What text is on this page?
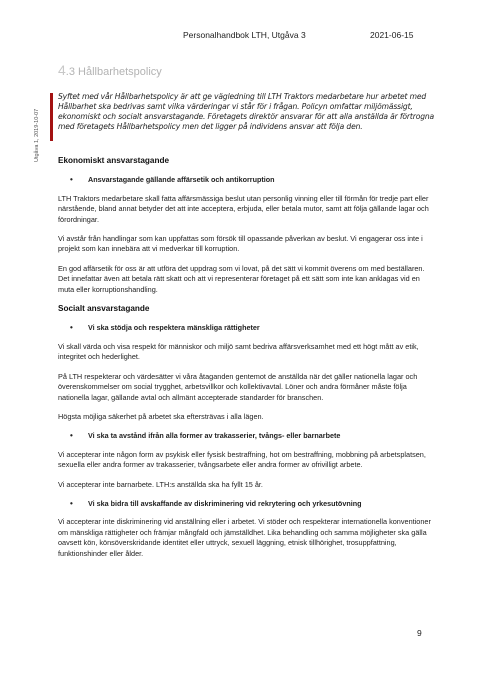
Personalhandbok LTH, Utgåva 3	2021-06-15
4.3 Hållbarhetspolicy
Utgåva 1, 2019-10-07
Syftet med vår Hållbarhetspolicy är att ge vägledning till LTH Traktors medarbetare hur arbetet med Hållbarhet ska bedrivas samt vilka värderingar vi står för i frågan. Policyn omfattar miljömässigt, ekonomiskt och socialt ansvarstagande. Företagets direktör ansvarar för att alla anställda är förtrogna med företagets Hållbarhetspolicy men det ligger på individens ansvar att följa den.
Ekonomiskt ansvarstagande
• Ansvarstagande gällande affärsetik och antikorruption

LTH Traktors medarbetare skall fatta affärsmässiga beslut utan personlig vinning eller till förmån för tredje part eller närstående, bland annat betyder det att inte acceptera, erbjuda, eller betala mutor, samt att följa gällande lagar och förordningar.

Vi avstår från handlingar som kan uppfattas som försök till opassande påverkan av beslut. Vi engagerar oss inte i projekt som kan innebära att vi medverkar till korruption.

En god affärsetik för oss är att utföra det uppdrag som vi lovat, på det sätt vi kommit överens om med beställaren. Det innefattar även att betala rätt skatt och att vi representerar företaget på ett sätt som inte kan anklagas vid en muta eller korruptionshandling.

Socialt ansvarstagande
• Vi ska stödja och respektera mänskliga rättigheter

Vi skall värda och visa respekt för människor och miljö samt bedriva affärsverksamhet med ett högt mått av etik, integritet och hederlighet.

På LTH respekterar och värdesätter vi våra åtaganden gentemot de anställda när det gäller nationella lagar och överenskommelser om social trygghet, arbetsvillkor och kollektivavtal. Löner och andra förmåner måste följa nationella lagar, gällande avtal och allmänt accepterade standarder för branschen.

Högsta möjliga säkerhet på arbetet ska eftersträvas i alla lägen.

• Vi ska ta avstånd ifrån alla former av trakasserier, tvångs- eller barnarbete

Vi accepterar inte någon form av psykisk eller fysisk bestraffning, hot om bestraffning, mobbning på arbetsplatsen, sexuella eller andra former av trakasserier, tvångsarbete eller andra former av ofrivilligt arbete.

Vi accepterar inte barnarbete. LTH:s anställda ska ha fyllt 15 år.

• Vi ska bidra till avskaffande av diskriminering vid rekrytering och yrkesutövning

Vi accepterar inte diskriminering vid anställning eller i arbetet. Vi stöder och respekterar internationella konventioner om mänskliga rättigheter och främjar mångfald och jämställdhet. Lika behandling och samma möjligheter ska gälla oavsett kön, könsöverskridande identitet eller uttryck, sexuell läggning, etnisk tillhörighet, trosuppfattning, funktionshinder eller ålder.

9
